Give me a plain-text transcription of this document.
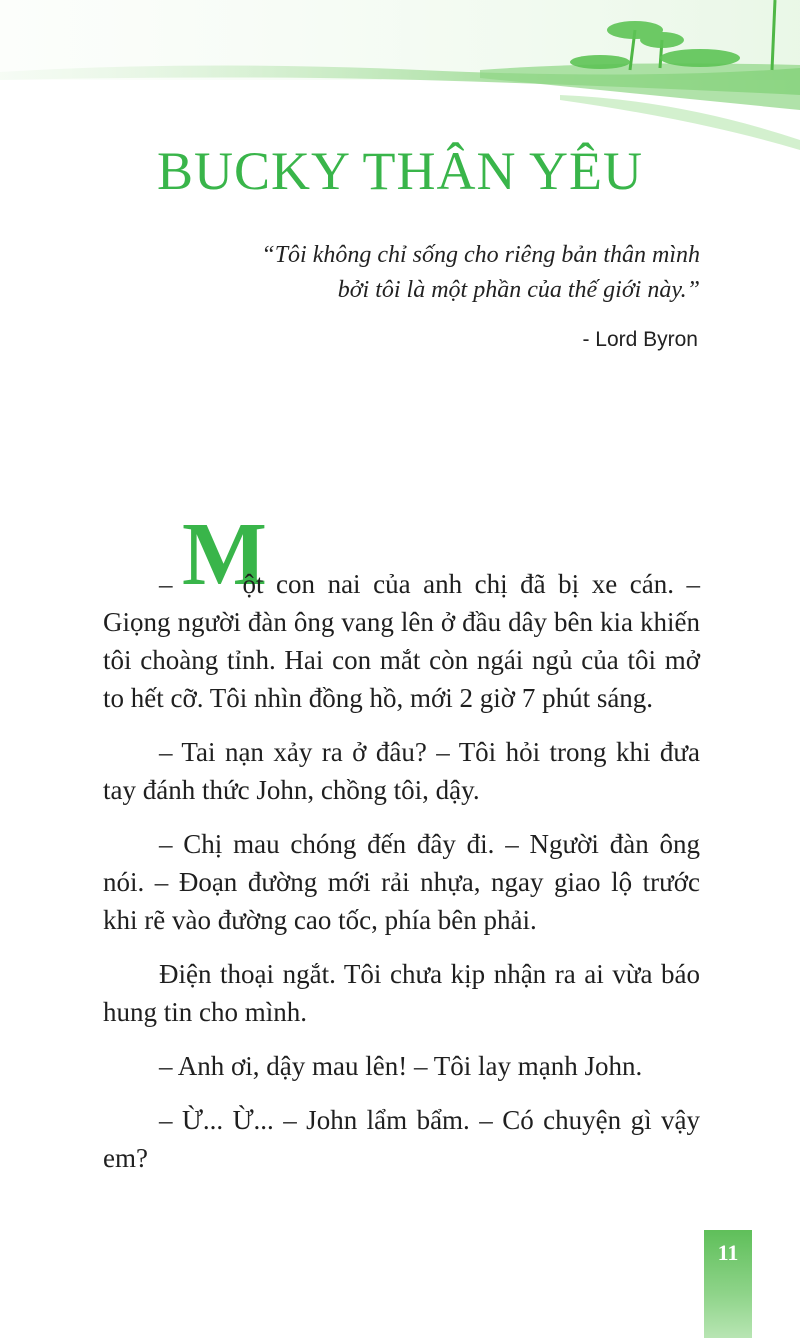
BUCKY THÂN YÊU
“Tôi không chỉ sống cho riêng bản thân mình
bởi tôi là một phần của thế giới này.”
- Lord Byron
M

–	ột con nai của anh chị đã bị xe cán. – Giọng người đàn ông vang lên ở đầu dây bên kia khiến tôi choàng tỉnh. Hai con mắt còn ngái ngủ của tôi mở to hết cỡ. Tôi nhìn đồng hồ, mới 2 giờ 7 phút sáng.

– Tai nạn xảy ra ở đâu? – Tôi hỏi trong khi đưa tay đánh thức John, chồng tôi, dậy.

– Chị mau chóng đến đây đi. – Người đàn ông nói. – Đoạn đường mới rải nhựa, ngay giao lộ trước khi rẽ vào đường cao tốc, phía bên phải.

Điện thoại ngắt. Tôi chưa kịp nhận ra ai vừa báo hung tin cho mình.

– Anh ơi, dậy mau lên! – Tôi lay mạnh John.

– Ừ... Ừ... – John lẩm bẩm. – Có chuyện gì vậy em?

11
